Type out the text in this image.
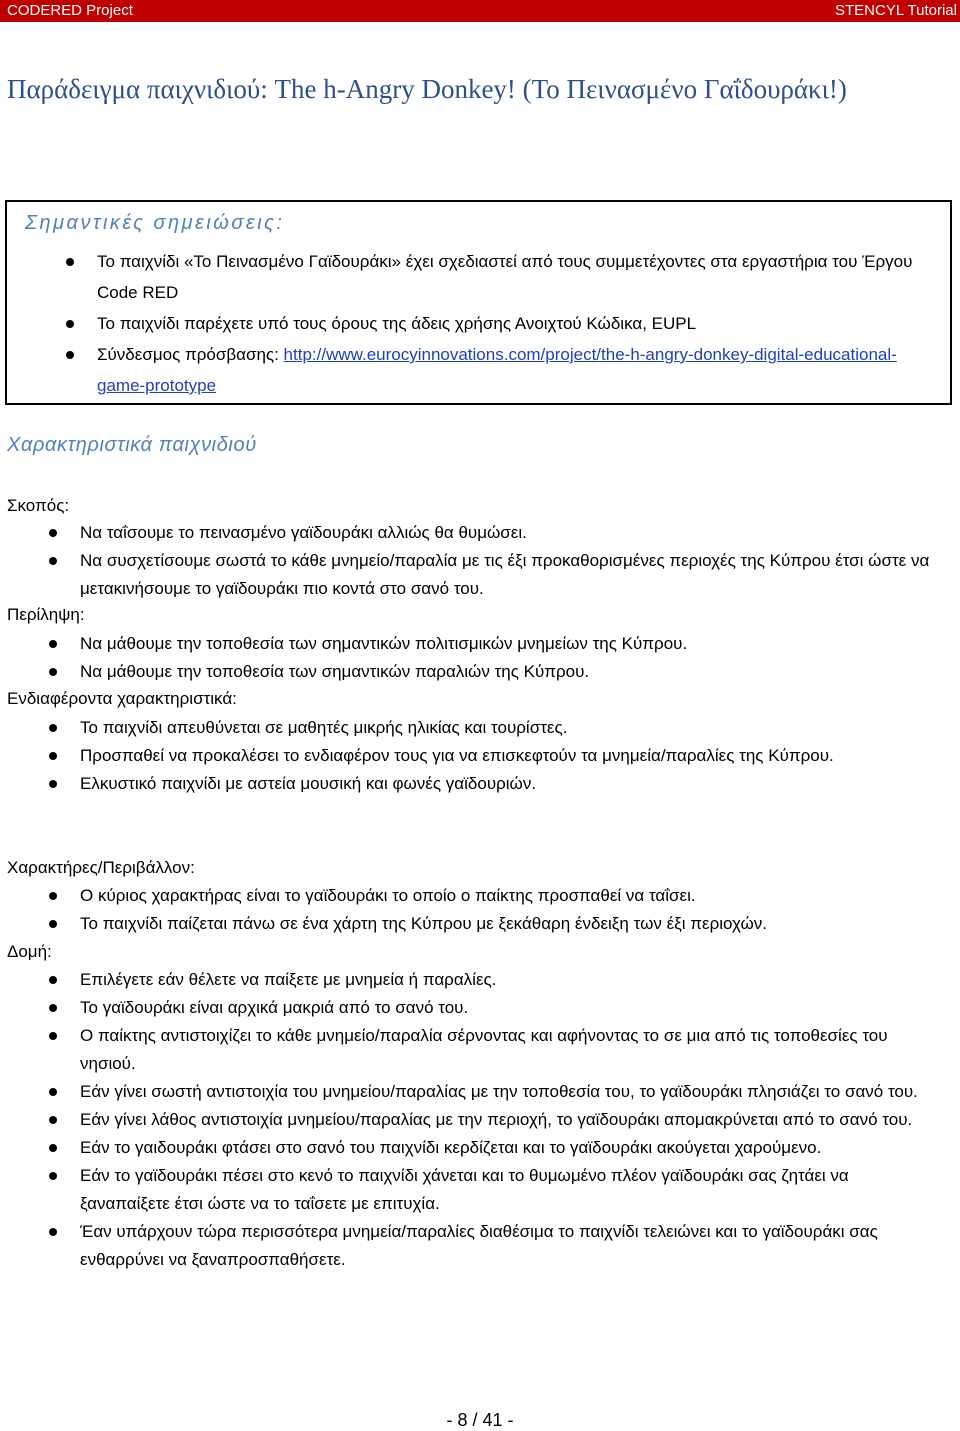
CODERED Project	STENCYL Tutorial
Παράδειγμα παιχνιδιού: The h-Angry Donkey! (Το Πεινασμένο Γαΐδουράκι!)
Σημαντικές σημειώσεις:
Το παιχνίδι «Το Πεινασμένο Γαϊδουράκι» έχει σχεδιαστεί από τους συμμετέχοντες στα εργαστήρια του Έργου Code RED
Το παιχνίδι παρέχετε υπό τους όρους της άδεις χρήσης Ανοιχτού Κώδικα, EUPL
Σύνδεσμος πρόσβασης: http://www.eurocyinnovations.com/project/the-h-angry-donkey-digital-educational-game-prototype
Χαρακτηριστικά παιχνιδιού

Σκοπός:

Να ταΐσουμε το πεινασμένο γαϊδουράκι αλλιώς θα θυμώσει.
Να συσχετίσουμε σωστά το κάθε μνημείο/παραλία με τις έξι προκαθορισμένες περιοχές της Κύπρου έτσι ώστε να μετακινήσουμε το γαϊδουράκι πιο κοντά στο σανό του.

Περίληψη:

Να μάθουμε την τοποθεσία των σημαντικών πολιτισμικών μνημείων της Κύπρου.
Να μάθουμε την τοποθεσία των σημαντικών παραλιών της Κύπρου.

Ενδιαφέροντα χαρακτηριστικά:

Το παιχνίδι απευθύνεται σε μαθητές μικρής ηλικίας και τουρίστες.
Προσπαθεί να προκαλέσει το ενδιαφέρον τους για να επισκεφτούν τα μνημεία/παραλίες της Κύπρου.
Ελκυστικό παιχνίδι με αστεία μουσική και φωνές γαϊδουριών.

Χαρακτήρες/Περιβάλλον:

Ο κύριος χαρακτήρας είναι το γαϊδουράκι το οποίο ο παίκτης προσπαθεί να ταΐσει.
Το παιχνίδι παίζεται πάνω σε ένα χάρτη της Κύπρου με ξεκάθαρη ένδειξη των έξι περιοχών.

Δομή:

Επιλέγετε εάν θέλετε να παίξετε με μνημεία ή παραλίες.
Το γαϊδουράκι είναι αρχικά μακριά από το σανό του.
Ο παίκτης αντιστοιχίζει το κάθε μνημείο/παραλία σέρνοντας και αφήνοντας το σε μια από τις τοποθεσίες του νησιού.
Εάν γίνει σωστή αντιστοιχία του μνημείου/παραλίας με την τοποθεσία του, το γαϊδουράκι πλησιάζει το σανό του.
Εάν γίνει λάθος αντιστοιχία μνημείου/παραλίας με την περιοχή, το γαϊδουράκι απομακρύνεται από το σανό του.
Εάν το γαιδουράκι φτάσει στο σανό του παιχνίδι κερδίζεται και το γαϊδουράκι ακούγεται χαρούμενο.
Εάν το γαϊδουράκι πέσει στο κενό το παιχνίδι χάνεται και το θυμωμένο πλέον γαϊδουράκι σας ζητάει να ξαναπαίξετε έτσι ώστε να το ταΐσετε με επιτυχία.
Έαν υπάρχουν τώρα περισσότερα μνημεία/παραλίες διαθέσιμα το παιχνίδι τελειώνει και το γαϊδουράκι σας ενθαρρύνει να ξαναπροσπαθήσετε.
- 8 / 41 -
